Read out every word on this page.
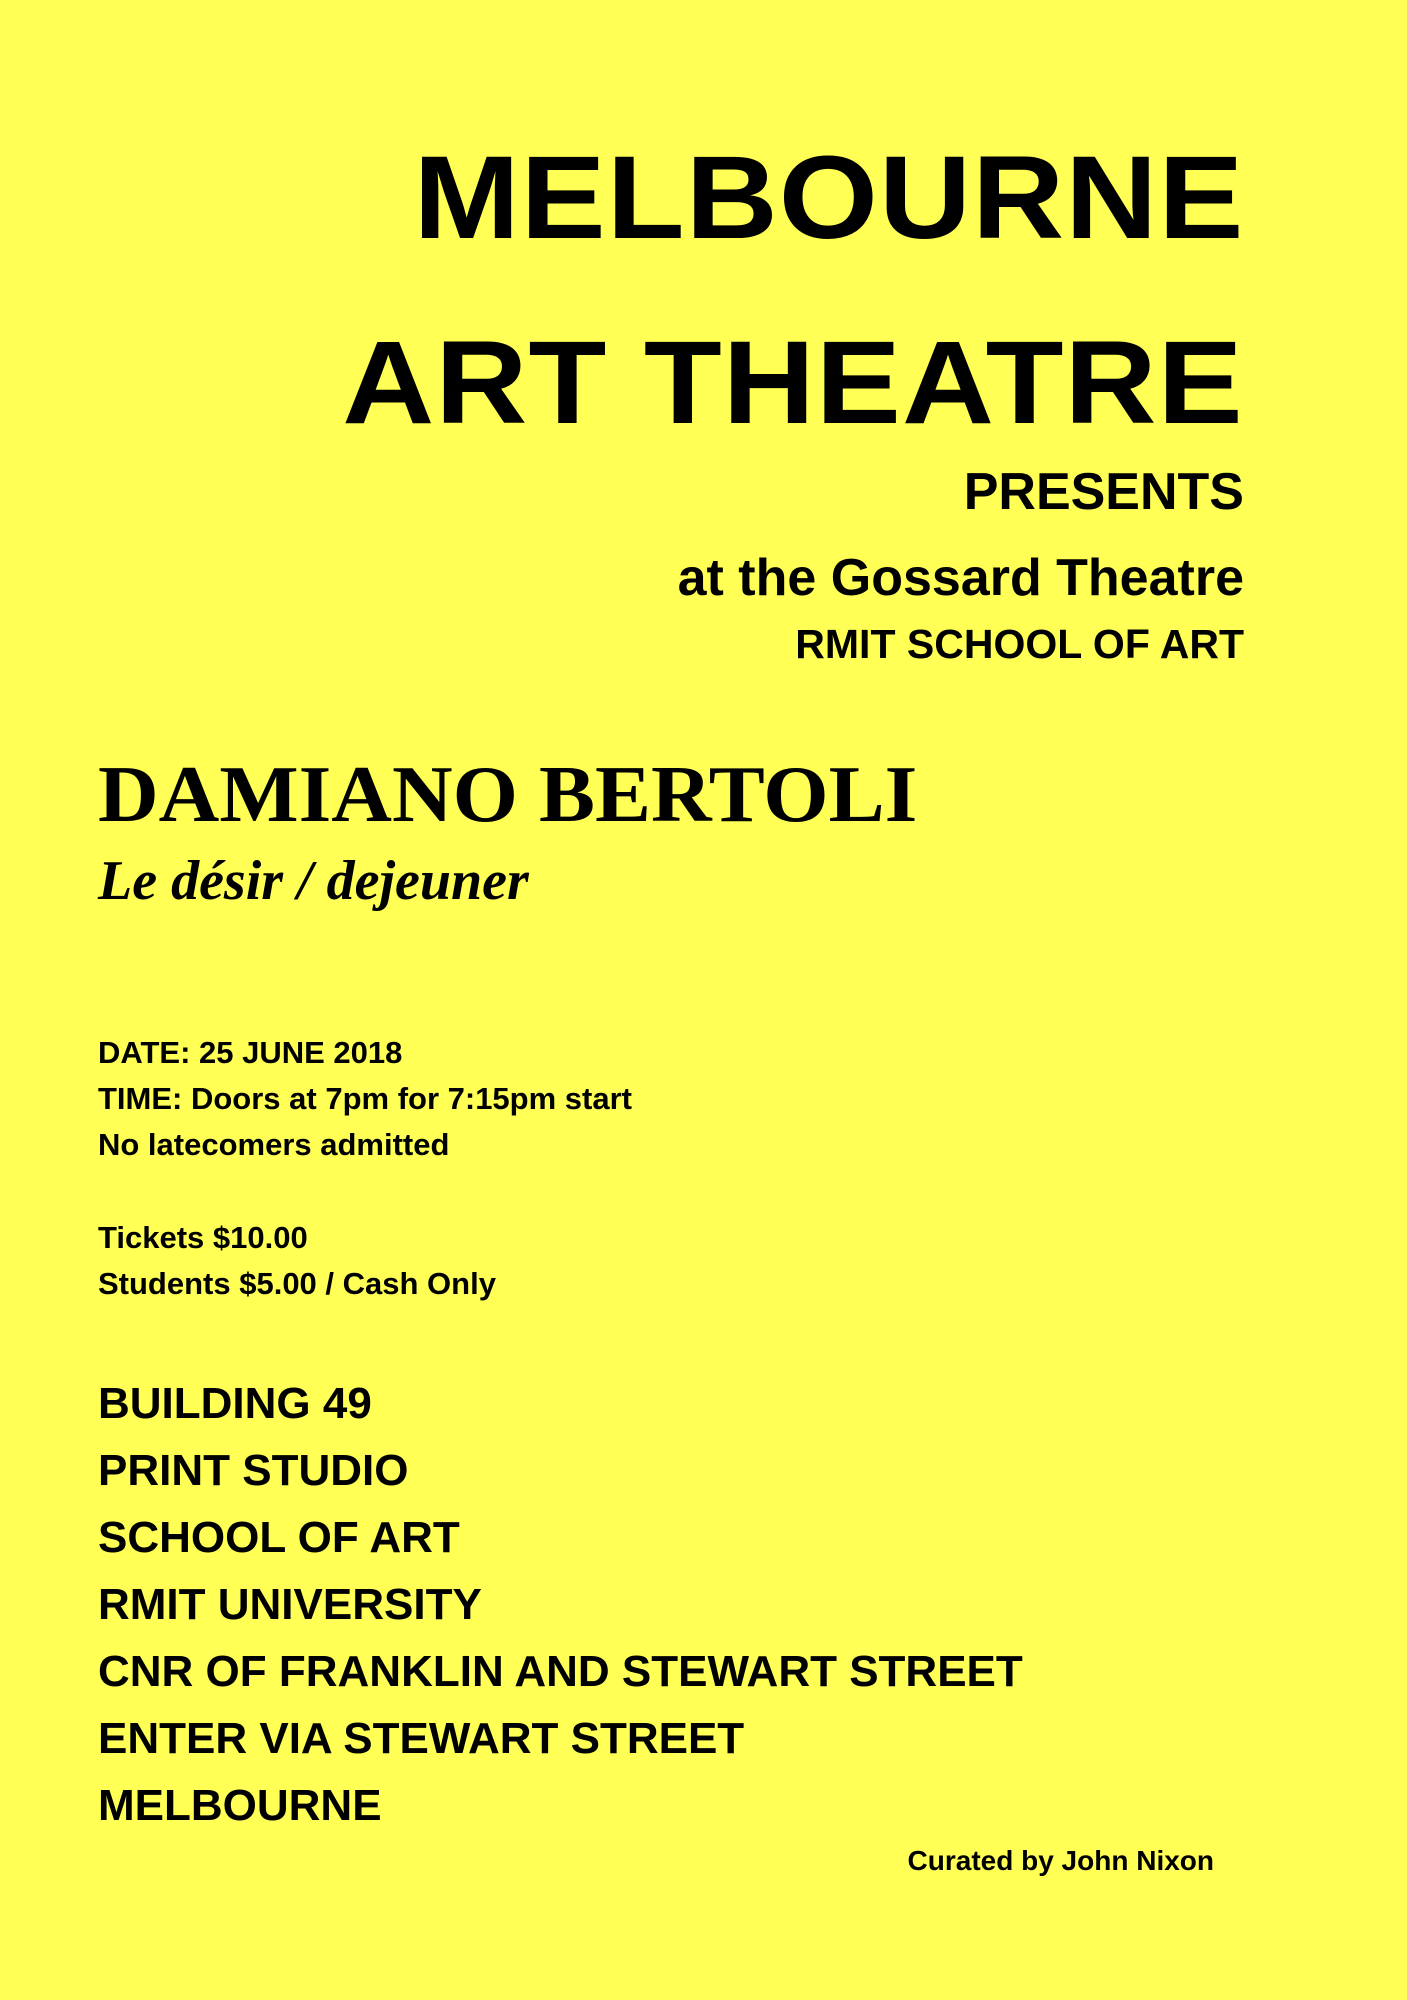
MELBOURNE
ART THEATRE
PRESENTS
at the Gossard Theatre
RMIT SCHOOL OF ART
DAMIANO BERTOLI
Le désir / dejeuner
DATE: 25 JUNE 2018
TIME: Doors at 7pm for 7:15pm start
No latecomers admitted
Tickets $10.00
Students $5.00 / Cash Only
BUILDING 49
PRINT STUDIO
SCHOOL OF ART
RMIT UNIVERSITY
CNR OF FRANKLIN AND STEWART STREET
ENTER VIA STEWART STREET
MELBOURNE
Curated by John Nixon
